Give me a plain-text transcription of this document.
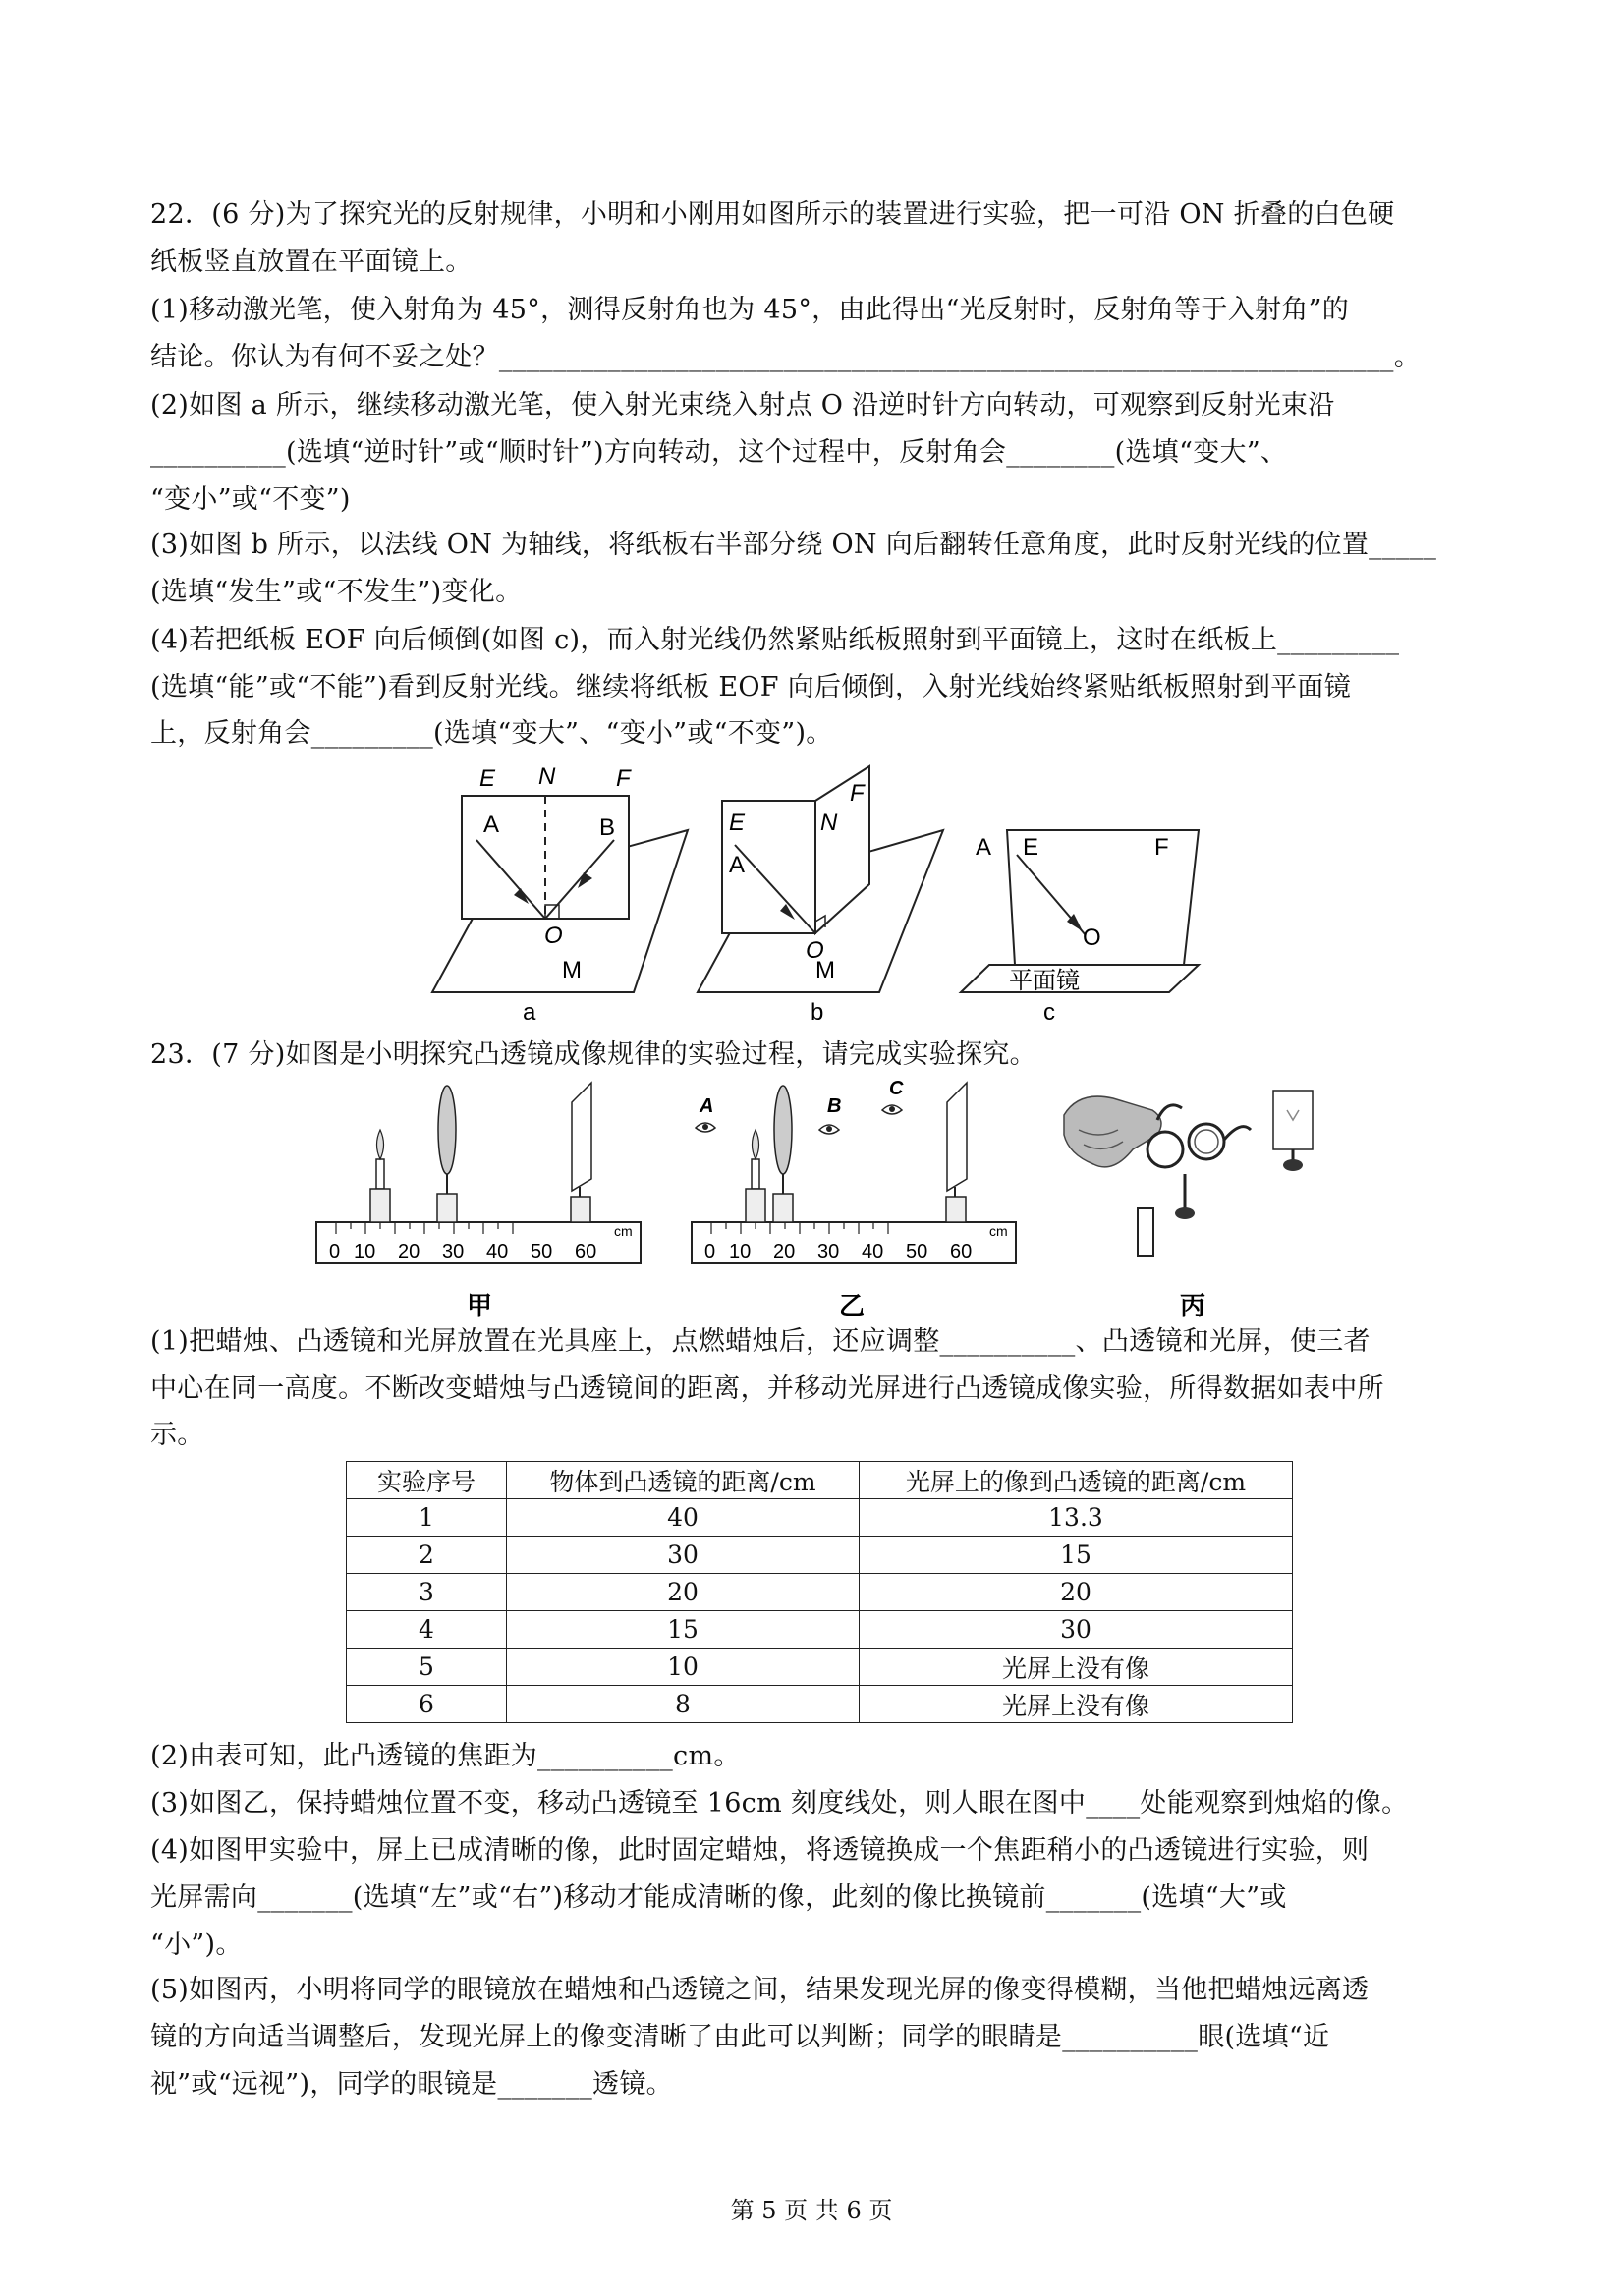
22．(6 分)为了探究光的反射规律，小明和小刚用如图所示的装置进行实验，把一可沿 ON 折叠的白色硬
纸板竖直放置在平面镜上。
(1)移动激光笔，使入射角为 45°，测得反射角也为 45°，由此得出“光反射时，反射角等于入射角”的
结论。你认为有何不妥之处？__________________________________________________________________。
(2)如图 a 所示，继续移动激光笔，使入射光束绕入射点 O 沿逆时针方向转动，可观察到反射光束沿
__________(选填“逆时针”或“顺时针”)方向转动，这个过程中，反射角会________(选填“变大”、
“变小”或“不变”)
(3)如图 b 所示，以法线 ON 为轴线，将纸板右半部分绕 ON 向后翻转任意角度，此时反射光线的位置_____
(选填“发生”或“不发生”)变化。
(4)若把纸板 EOF 向后倾倒(如图 c)，而入射光线仍然紧贴纸板照射到平面镜上，这时在纸板上_________
(选填“能”或“不能”)看到反射光线。继续将纸板 EOF 向后倾倒，入射光线始终紧贴纸板照射到平面镜
上，反射角会_________(选填“变大”、“变小”或“不变”)。
E N	F
A	B
O
M
a
E	N
F
A
O
M
b
A E	F
O
平面镜
c
23．(7 分)如图是小明探究凸透镜成像规律的实验过程，请完成实验探究。
0 10 20 30 40 50 60
cm
甲
0 10 20 30 40 50 60
cm
A	B
C
乙	丙
(1)把蜡烛、凸透镜和光屏放置在光具座上，点燃蜡烛后，还应调整__________、凸透镜和光屏，使三者
中心在同一高度。不断改变蜡烛与凸透镜间的距离，并移动光屏进行凸透镜成像实验，所得数据如表中所
示。
实验序号	物体到凸透镜的距离/cm	光屏上的像到凸透镜的距离/cm
1	40	13.3
2	30	15
3	20	20
4	15	30
5	10	光屏上没有像
6	8	光屏上没有像
(2)由表可知，此凸透镜的焦距为__________cm。
(3)如图乙，保持蜡烛位置不变，移动凸透镜至 16cm 刻度线处，则人眼在图中____处能观察到烛焰的像。
(4)如图甲实验中，屏上已成清晰的像，此时固定蜡烛，将透镜换成一个焦距稍小的凸透镜进行实验，则
光屏需向_______(选填“左”或“右”)移动才能成清晰的像，此刻的像比换镜前_______(选填“大”或
“小”)。
(5)如图丙，小明将同学的眼镜放在蜡烛和凸透镜之间，结果发现光屏的像变得模糊，当他把蜡烛远离透
镜的方向适当调整后，发现光屏上的像变清晰了由此可以判断；同学的眼睛是__________眼(选填“近
视”或“远视”)，同学的眼镜是_______透镜。
第 5 页 共 6 页
